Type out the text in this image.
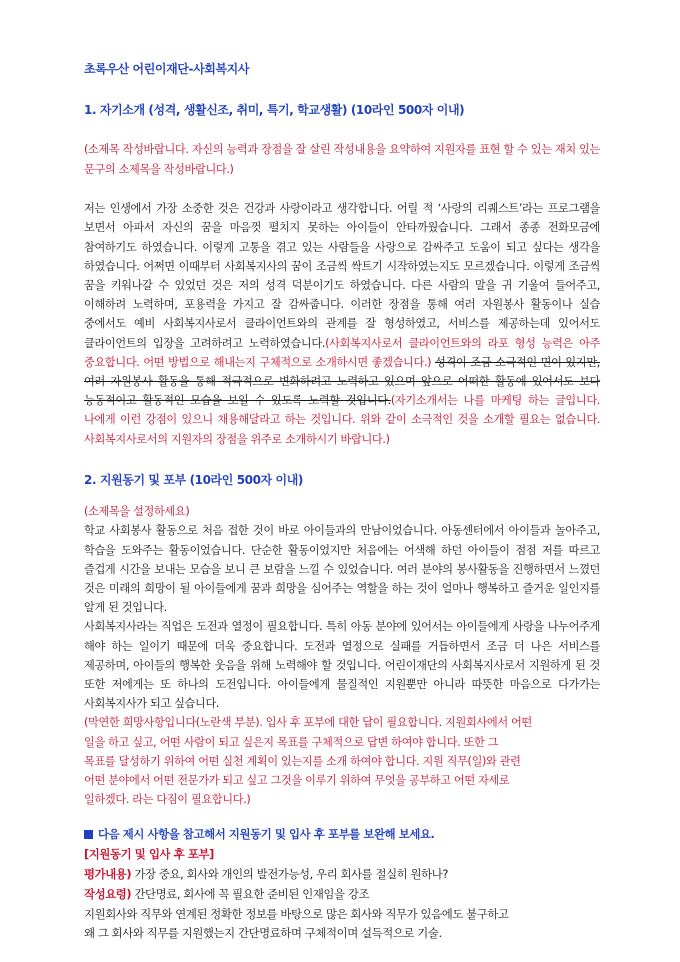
초록우산 어린이재단-사회복지사

1. 자기소개 (성격, 생활신조, 취미, 특기, 학교생활) (10라인 500자 이내)

(소제목 작성바랍니다. 자신의 능력과 장점을 잘 살린 작성내용을 요약하여 지원자를 표현 할 수 있는 재치 있는 문구의 소제목을 작성바랍니다.)

저는 인생에서 가장 소중한 것은 건강과 사랑이라고 생각합니다. 어릴 적 ‘사랑의 리퀘스트’라는 프로그램을 보면서 아파서 자신의 꿈을 마음껏 펼치지 못하는 아이들이 안타까웠습니다. 그래서 종종 전화모금에 참여하기도 하였습니다. 이렇게 고통을 겪고 있는 사람들을 사랑으로 감싸주고 도움이 되고 싶다는 생각을 하였습니다. 어쩌면 이때부터 사회복지사의 꿈이 조금씩 싹트기 시작하였는지도 모르겠습니다. 이렇게 조금씩 꿈을 키워나갈 수 있었던 것은 저의 성격 덕분이기도 하였습니다. 다른 사람의 말을 귀 기울여 들어주고, 이해하려 노력하며, 포용력을 가지고 잘 감싸줍니다. 이러한 장점을 통해 여러 자원봉사 활동이나 실습 중에서도 예비 사회복지사로서 클라이언트와의 관계를 잘 형성하였고, 서비스를 제공하는데 있어서도 클라이언트의 입장을 고려하려고 노력하였습니다.(사회복지사로서 클라이언트와의 라포 형성 능력은 아주 중요합니다. 어떤 방법으로 해내는지 구체적으로 소개하시면 좋겠습니다.) 성격이 조금 소극적인 면이 있지만, 여러 자원봉사 활동을 통해 적극적으로 변화하려고 노력하고 있으며 앞으로 어떠한 활동에 있어서도 보다 능동적이고 활동적인 모습을 보일 수 있도록 노력할 것입니다.(자기소개서는 나를 마케팅 하는 글입니다. 나에게 이런 강점이 있으니 채용해달라고 하는 것입니다. 위와 같이 소극적인 것을 소개할 필요는 없습니다. 사회복지사로서의 지원자의 장점을 위주로 소개하시기 바랍니다.)

2. 지원동기 및 포부 (10라인 500자 이내)

(소제목을 설정하세요)

학교 사회봉사 활동으로 처음 접한 것이 바로 아이들과의 만남이었습니다. 아동센터에서 아이들과 놀아주고, 학습을 도와주는 활동이었습니다. 단순한 활동이었지만 처음에는 어색해 하던 아이들이 점점 저를 따르고 즐겁게 시간을 보내는 모습을 보니 큰 보람을 느낄 수 있었습니다. 여러 분야의 봉사활동을 진행하면서 느꼈던 것은 미래의 희망이 될 아이들에게 꿈과 희망을 심어주는 역할을 하는 것이 얼마나 행복하고 즐거운 일인지를 알게 된 것입니다.

사회복지사라는 직업은 도전과 열정이 필요합니다. 특히 아동 분야에 있어서는 아이들에게 사랑을 나누어주게 해야 하는 일이기 때문에 더욱 중요합니다. 도전과 열정으로 실패를 거듭하면서 조금 더 나은 서비스를 제공하며, 아이들의 행복한 웃음을 위해 노력해야 할 것입니다. 어린이재단의 사회복지사로서 지원하게 된 것 또한 저에게는 또 하나의 도전입니다. 아이들에게 물질적인 지원뿐만 아니라 따뜻한 마음으로 다가가는 사회복지사가 되고 싶습니다.

(막연한 희망사항입니다(노란색 부분). 입사 후 포부에 대한 답이 필요합니다. 지원회사에서 어떤
일을 하고 싶고, 어떤 사람이 되고 싶은지 목표를 구체적으로 답변 하여야 합니다. 또한 그
목표를 달성하기 위하여 어떤 실천 계획이 있는지를 소개 하여야 합니다. 지원 직무(일)와 관련
어떤 분야에서 어떤 전문가가 되고 싶고 그것을 이루기 위하여 무엇을 공부하고 어떤 자세로
일하겠다. 라는 다짐이 필요합니다.)

다음 제시 사항을 참고해서 지원동기 및 입사 후 포부를 보완해 보세요.

[지원동기 및 입사 후 포부]

평가내용) 가장 중요, 회사와 개인의 발전가능성, 우리 회사를 절실히 원하나?

작성요령) 간단명료, 회사에 꼭 필요한 준비된 인재임을 강조

지원회사와 직무와 연계된 정확한 정보를 바탕으로 많은 회사와 직무가 있음에도 불구하고

왜 그 회사와 직무를 지원했는지 간단명료하며 구체적이며 설득적으로 기술.
